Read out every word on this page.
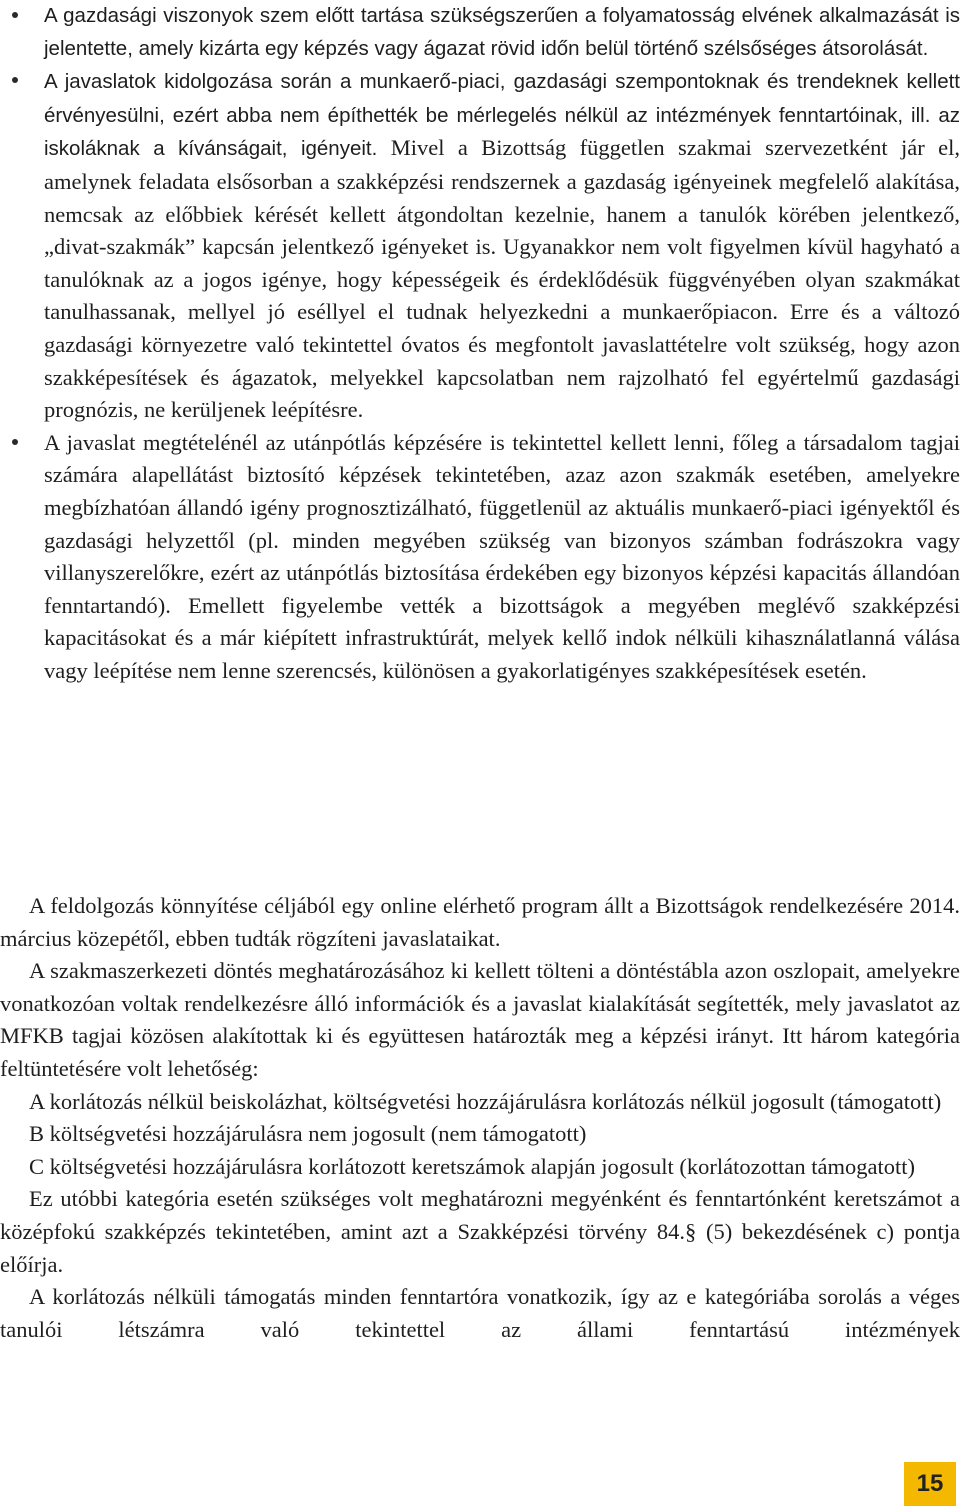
A gazdasági viszonyok szem előtt tartása szükségszerűen a folyamatosság elvének alkalmazását is jelentette, amely kizárta egy képzés vagy ágazat rövid időn belül történő szélsőséges átsorolását.
A javaslatok kidolgozása során a munkaerő-piaci, gazdasági szempontoknak és trendeknek kellett érvényesülni, ezért abba nem építhették be mérlegelés nélkül az intézmények fenntartóinak, ill. az iskoláknak a kívánságait, igényeit. Mivel a Bizottság független szakmai szervezetként jár el, amelynek feladata elsősorban a szakképzési rendszernek a gazdaság igényeinek megfelelő alakítása, nemcsak az előbbiek kérését kellett átgondoltan kezelnie, hanem a tanulók körében jelentkező, „divat-szakmák” kapcsán jelentkező igényeket is. Ugyanakkor nem volt figyelmen kívül hagyható a tanulóknak az a jogos igénye, hogy képességeik és érdeklődésük függvényében olyan szakmákat tanulhassanak, mellyel jó eséllyel el tudnak helyezkedni a munkaerőpiacon. Erre és a változó gazdasági környezetre való tekintettel óvatos és megfontolt javaslattételre volt szükség, hogy azon szakképesítések és ágazatok, melyekkel kapcsolatban nem rajzolható fel egyértelmű gazdasági prognózis, ne kerüljenek leépítésre.
A javaslat megtételénél az utánpótlás képzésére is tekintettel kellett lenni, főleg a társadalom tagjai számára alapellátást biztosító képzések tekintetében, azaz azon szakmák esetében, amelyekre megbízhatóan állandó igény prognosztizálható, függetlenül az aktuális munkaerő-piaci igényektől és gazdasági helyzettől (pl. minden megyében szükség van bizonyos számban fodrászokra vagy villanyszerelőkre, ezért az utánpótlás biztosítása érdekében egy bizonyos képzési kapacitás állandóan fenntartandó). Emellett figyelembe vették a bizottságok a megyében meglévő szakképzési kapacitásokat és a már kiépített infrastruktúrát, melyek kellő indok nélküli kihasználatlanná válása vagy leépítése nem lenne szerencsés, különösen a gyakorlatigényes szakképesítések esetén.

A feldolgozás könnyítése céljából egy online elérhető program állt a Bizottságok rendelkezésére 2014. március közepétől, ebben tudták rögzíteni javaslataikat.

A szakmaszerkezeti döntés meghatározásához ki kellett tölteni a döntéstábla azon oszlopait, amelyekre vonatkozóan voltak rendelkezésre álló információk és a javaslat kialakítását segítették, mely javaslatot az MFKB tagjai közösen alakítottak ki és együttesen határozták meg a képzési irányt. Itt három kategória feltüntetésére volt lehetőség:

A korlátozás nélkül beiskolázhat, költségvetési hozzájárulásra korlátozás nélkül jogosult (támogatott)

B költségvetési hozzájárulásra nem jogosult (nem támogatott)

C költségvetési hozzájárulásra korlátozott keretszámok alapján jogosult (korlátozottan támogatott)

Ez utóbbi kategória esetén szükséges volt meghatározni megyénként és fenntartónként keretszámot a középfokú szakképzés tekintetében, amint azt a Szakképzési törvény 84.§ (5) bekezdésének c) pontja előírja.

A korlátozás nélküli támogatás minden fenntartóra vonatkozik, így az e kategóriába sorolás a véges tanulói létszámra való tekintettel az állami fenntartású intézmények

15
